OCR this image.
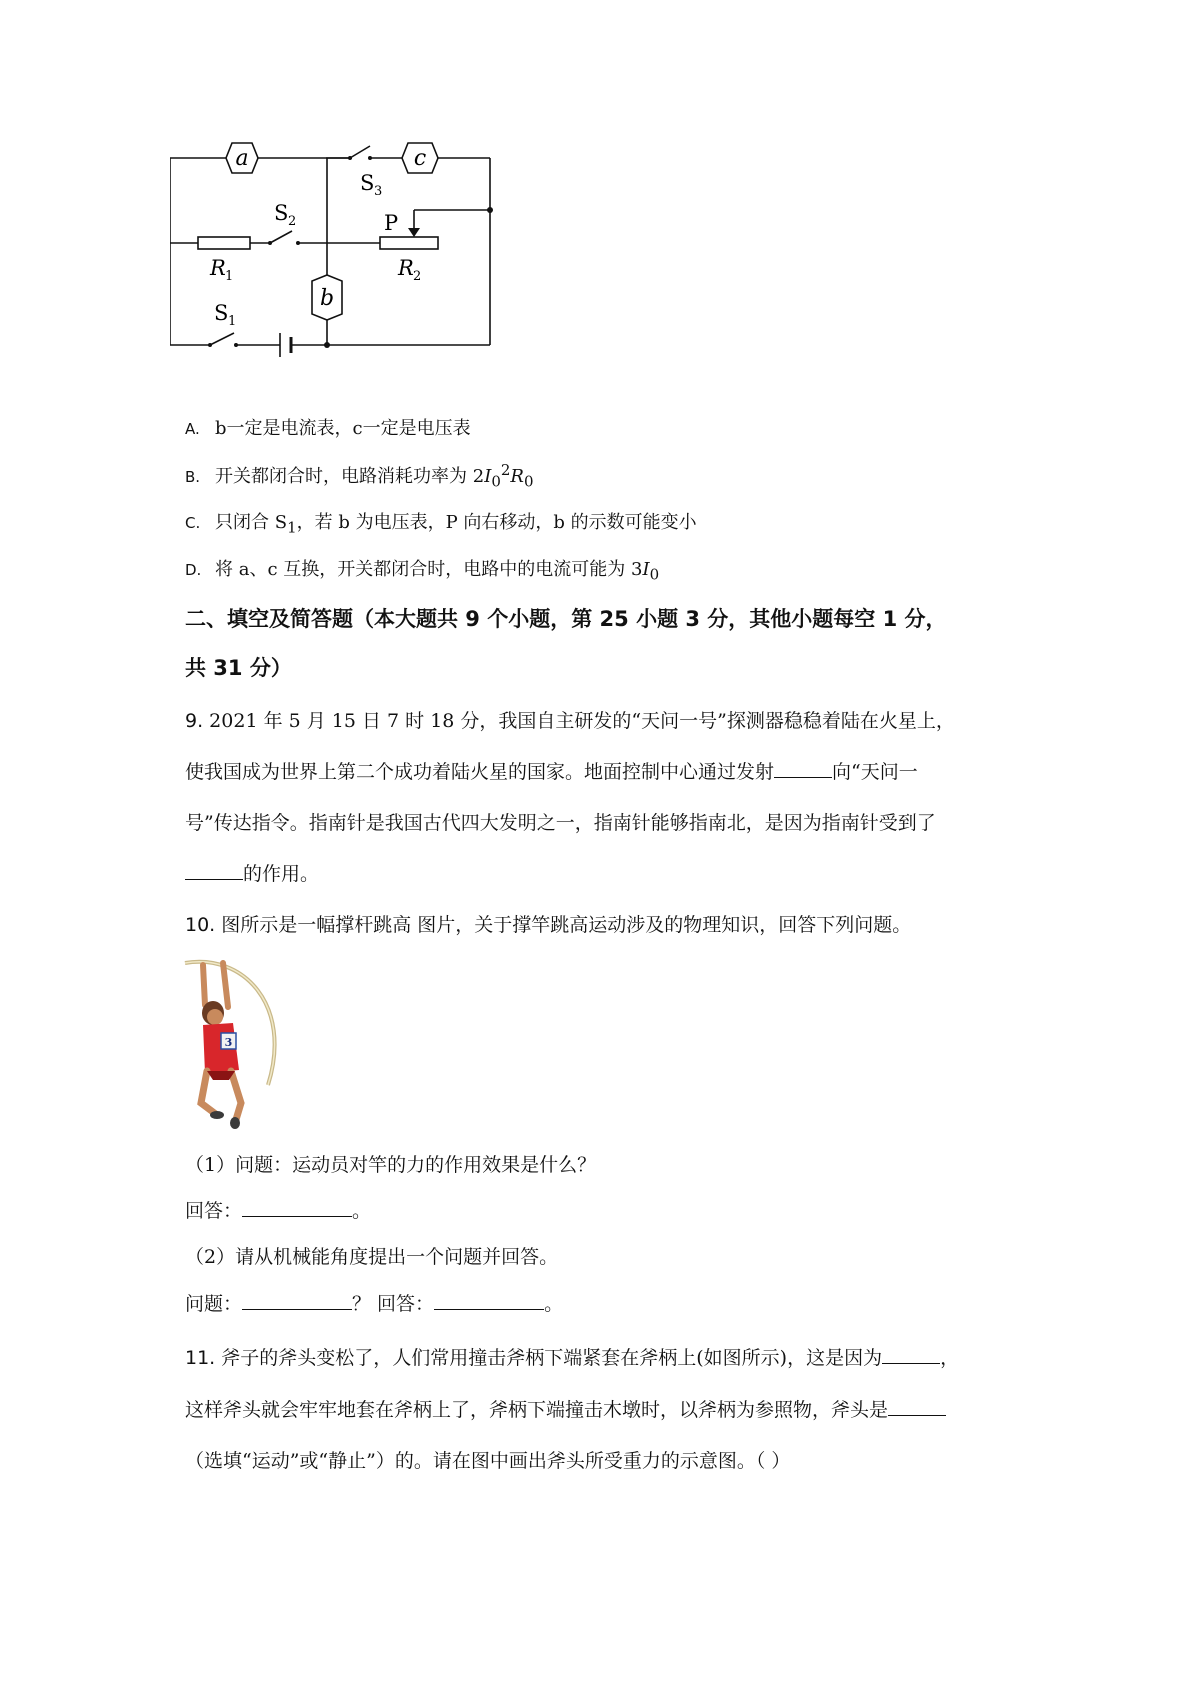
a	c
b
S 3
S 2
S 1
R 1	R 2
P
A. b一定是电流表，c一定是电压表
B. 开关都闭合时，电路消耗功率为 $2I_0^2R_0$
C. 只闭合 $S_1$，若 b 为电压表，P 向右移动，b 的示数可能变小
D. 将 a、c 互换，开关都闭合时，电路中的电流可能为 $3I_0$
二、填空及简答题（本大题共 9 个小题，第 25 小题 3 分，其他小题每空 1 分，
共 31 分）
9. 2021 年 5 月 15 日 7 时 18 分，我国自主研发的“天问一号”探测器稳稳着陆在火星上，
使我国成为世界上第二个成功着陆火星的国家。地面控制中心通过发射	向“天问一
号”传达指令。指南针是我国古代四大发明之一，指南针能够指南北，是因为指南针受到了
的作用。
10. 图所示是一幅撑杆跳高 图片，关于撑竿跳高运动涉及的物理知识，回答下列问题。
3
（1）问题：运动员对竿的力的作用效果是什么？
回答：	。
（2）请从机械能角度提出一个问题并回答。
问题：	？ 回答：	。
11. 斧子的斧头变松了，人们常用撞击斧柄下端紧套在斧柄上(如图所示)，这是因为	，
这样斧头就会牢牢地套在斧柄上了，斧柄下端撞击木墩时，以斧柄为参照物，斧头是
（选填“运动”或“静止”）的。请在图中画出斧头所受重力的示意图。（ ）
